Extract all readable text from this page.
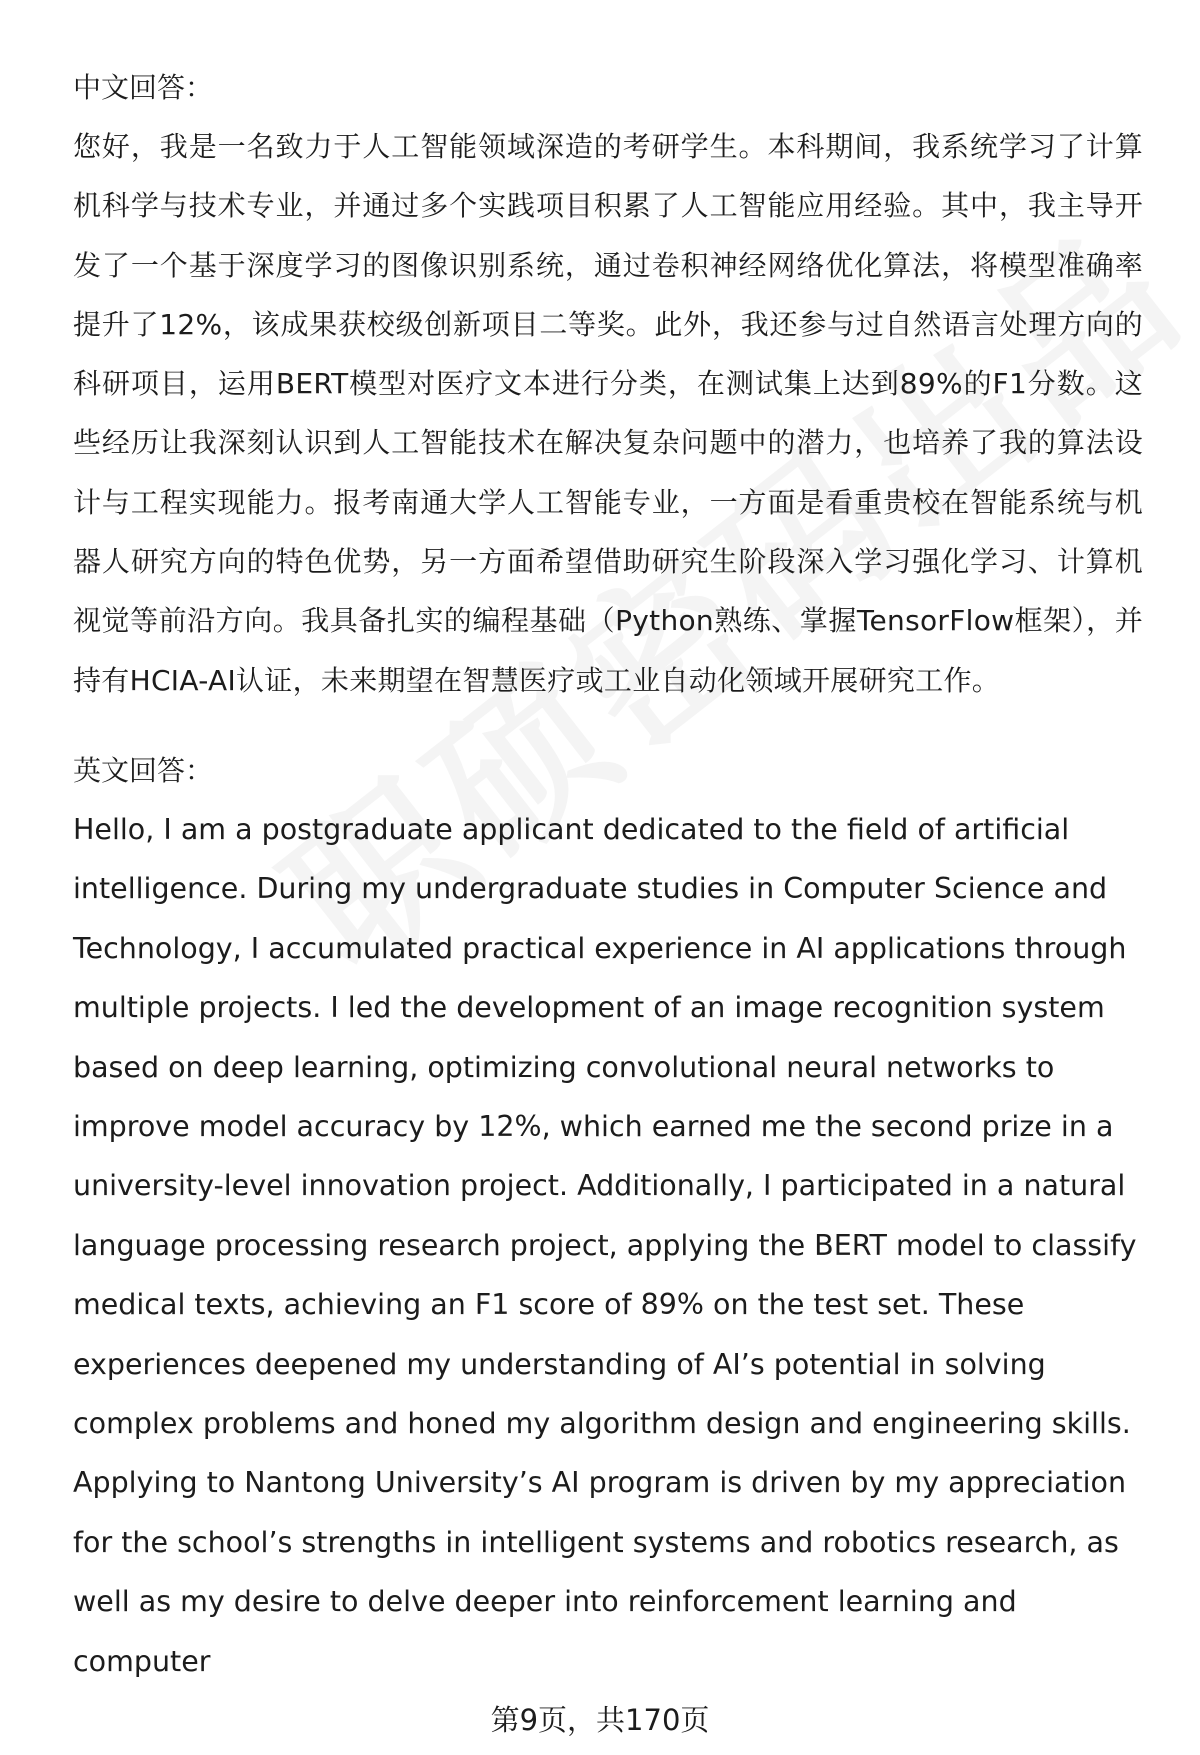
中文回答：

您好，我是一名致力于人工智能领域深造的考研学生。本科期间，我系统学习了计算机科学与技术专业，并通过多个实践项目积累了人工智能应用经验。其中，我主导开发了一个基于深度学习的图像识别系统，通过卷积神经网络优化算法，将模型准确率提升了12%，该成果获校级创新项目二等奖。此外，我还参与过自然语言处理方向的科研项目，运用BERT模型对医疗文本进行分类，在测试集上达到89%的F1分数。这些经历让我深刻认识到人工智能技术在解决复杂问题中的潜力，也培养了我的算法设计与工程实现能力。报考南通大学人工智能专业，一方面是看重贵校在智能系统与机器人研究方向的特色优势，另一方面希望借助研究生阶段深入学习强化学习、计算机视觉等前沿方向。我具备扎实的编程基础（Python熟练、掌握TensorFlow框架），并持有HCIA-AI认证，未来期望在智慧医疗或工业自动化领域开展研究工作。

英文回答：

Hello, I am a postgraduate applicant dedicated to the field of artificial
intelligence. During my undergraduate studies in Computer Science and
Technology, I accumulated practical experience in AI applications through
multiple projects. I led the development of an image recognition system
based on deep learning, optimizing convolutional neural networks to
improve model accuracy by 12%, which earned me the second prize in a
university-level innovation project. Additionally, I participated in a natural
language processing research project, applying the BERT model to classify
medical texts, achieving an F1 score of 89% on the test set. These
experiences deepened my understanding of AI’s potential in solving
complex problems and honed my algorithm design and engineering skills.
Applying to Nantong University’s AI program is driven by my appreciation
for the school’s strengths in intelligent systems and robotics research, as
well as my desire to delve deeper into reinforcement learning and computer
第9页，共170页
